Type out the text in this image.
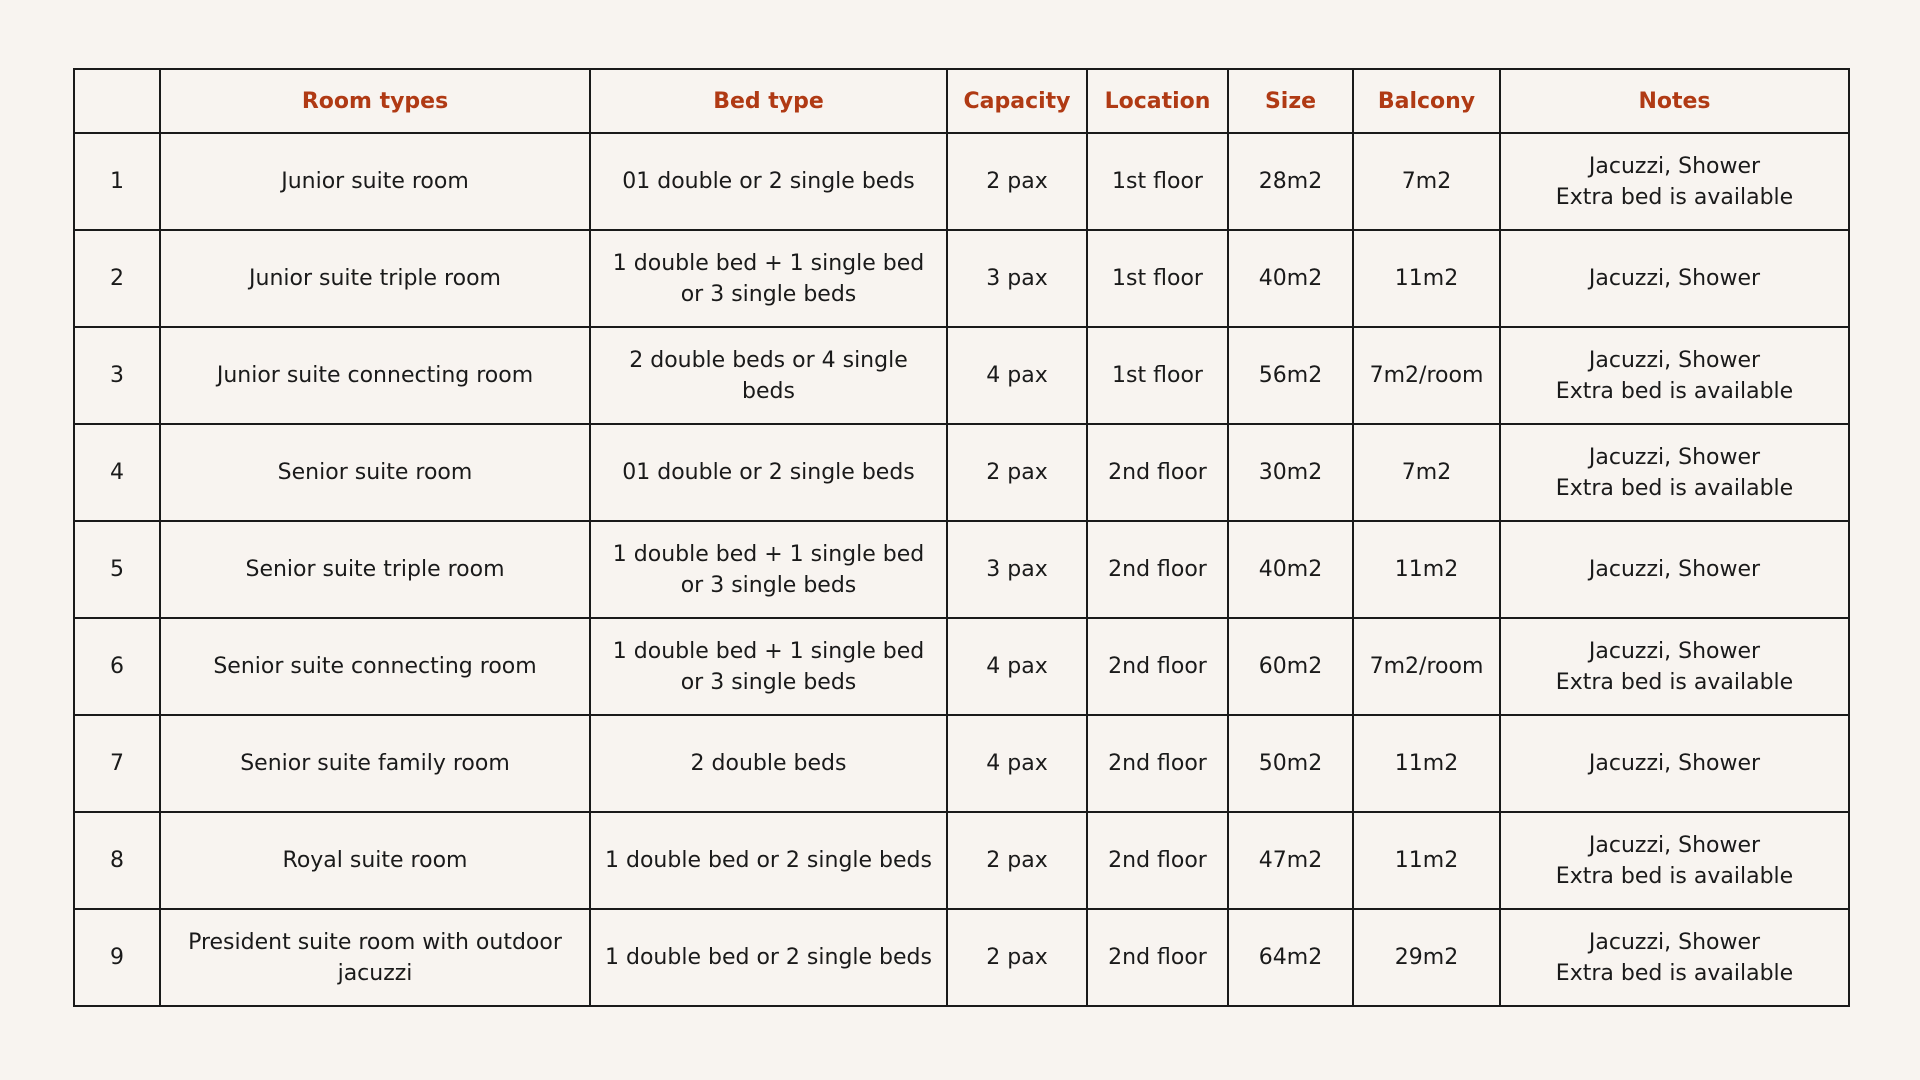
	Room types	Bed type	Capacity	Location	Size	Balcony	Notes
1	Junior suite room	01 double or 2 single beds	2 pax	1st floor	28m2	7m2	Jacuzzi, Shower
Extra bed is available

2	Junior suite triple room	1 double bed + 1 single bed
or 3 single beds	3 pax	1st floor	40m2	11m2	Jacuzzi, Shower

3	Junior suite connecting room	2 double beds or 4 single
beds	4 pax	1st floor	56m2	7m2/room	Jacuzzi, Shower
Extra bed is available

4	Senior suite room	01 double or 2 single beds	2 pax	2nd floor	30m2	7m2	Jacuzzi, Shower
Extra bed is available

5	Senior suite triple room	1 double bed + 1 single bed
or 3 single beds	3 pax	2nd floor	40m2	11m2	Jacuzzi, Shower

6	Senior suite connecting room	1 double bed + 1 single bed
or 3 single beds	4 pax	2nd floor	60m2	7m2/room	Jacuzzi, Shower
Extra bed is available

7	Senior suite family room	2 double beds	4 pax	2nd floor	50m2	11m2	Jacuzzi, Shower

8	Royal suite room	1 double bed or 2 single beds	2 pax	2nd floor	47m2	11m2	Jacuzzi, Shower
Extra bed is available

9	President suite room with outdoor
jacuzzi	1 double bed or 2 single beds	2 pax	2nd floor	64m2	29m2	Jacuzzi, Shower
Extra bed is available
